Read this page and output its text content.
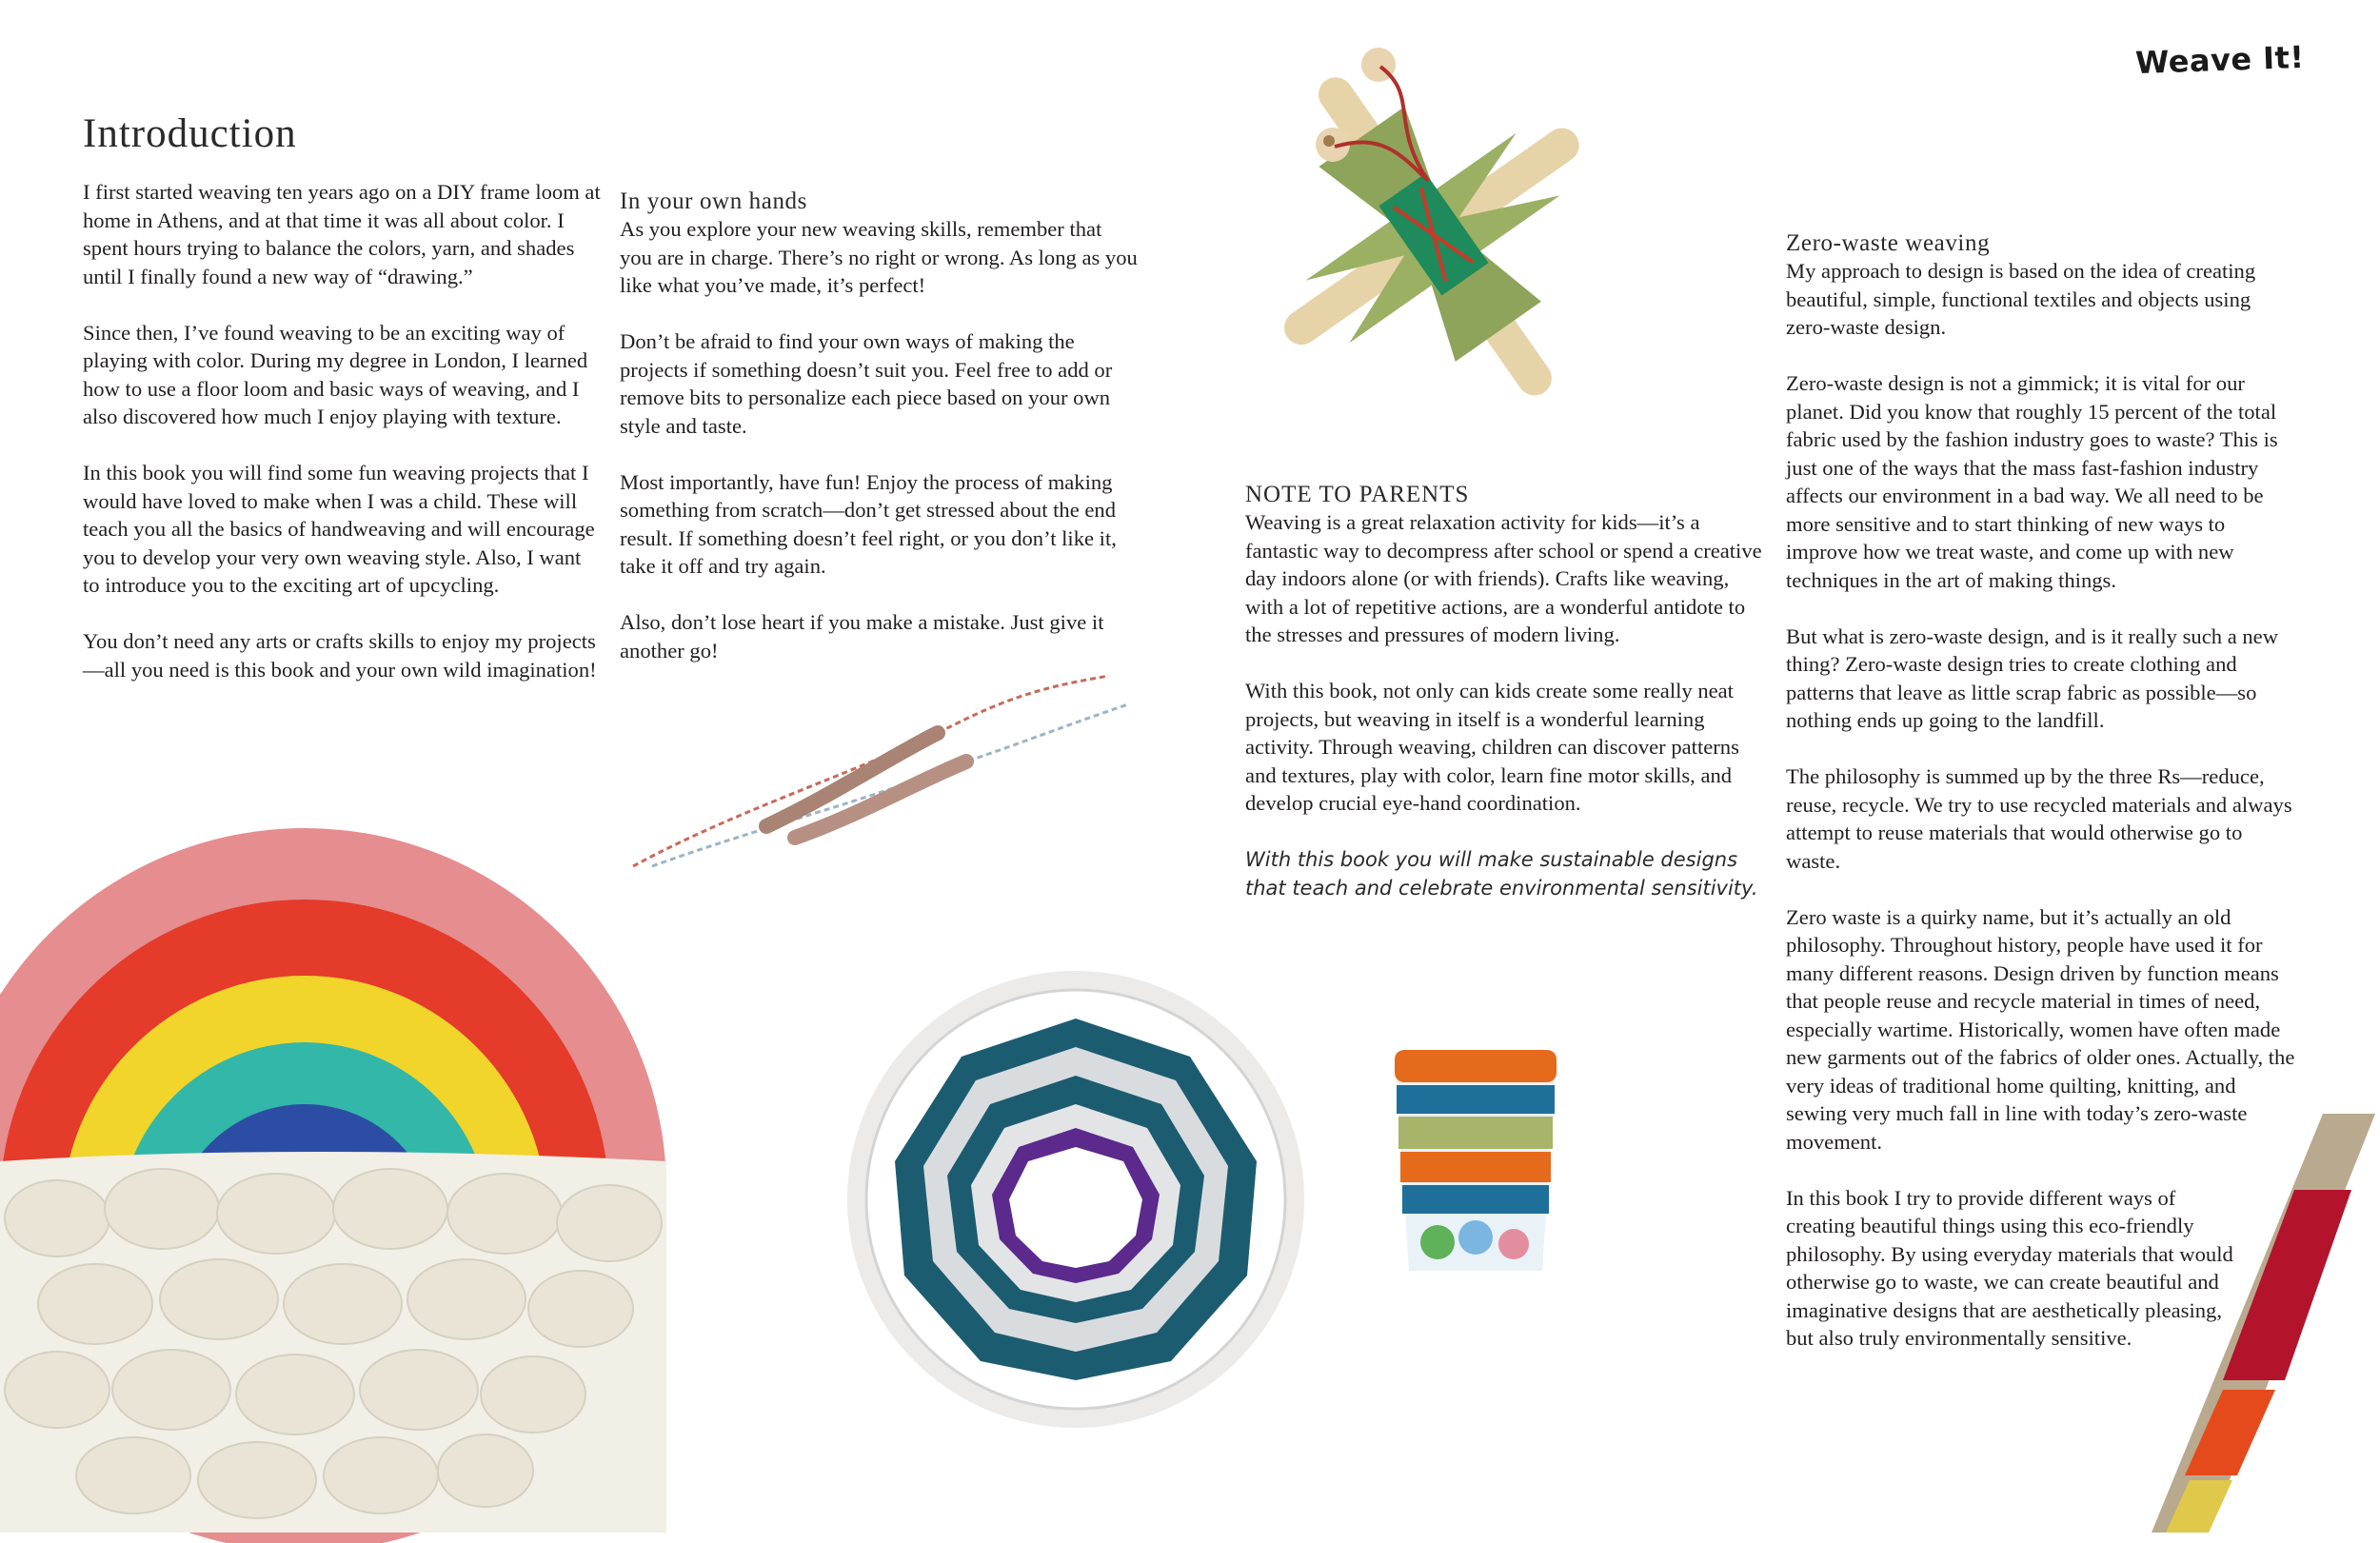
Weave It!
Introduction

I first started weaving ten years ago on a DIY frame loom at home in Athens, and at that time it was all about color. I spent hours trying to balance the colors, yarn, and shades until I finally found a new way of “drawing.”

Since then, I’ve found weaving to be an exciting way of playing with color. During my degree in London, I learned how to use a floor loom and basic ways of weaving, and I also discovered how much I enjoy playing with texture.

In this book you will find some fun weaving projects that I would have loved to make when I was a child. These will teach you all the basics of handweaving and will encourage you to develop your very own weaving style. Also, I want to introduce you to the exciting art of upcycling.

You don’t need any arts or crafts skills to enjoy my projects—all you need is this book and your own wild imagination!

In your own hands

As you explore your new weaving skills, remember that you are in charge. There’s no right or wrong. As long as you like what you’ve made, it’s perfect!

Don’t be afraid to find your own ways of making the projects if something doesn’t suit you. Feel free to add or remove bits to personalize each piece based on your own style and taste.

Most importantly, have fun! Enjoy the process of making something from scratch—don’t get stressed about the end result. If something doesn’t feel right, or you don’t like it, take it off and try again.

Also, don’t lose heart if you make a mistake. Just give it another go!

NOTE TO PARENTS

Weaving is a great relaxation activity for kids—it’s a fantastic way to decompress after school or spend a creative day indoors alone (or with friends). Crafts like weaving, with a lot of repetitive actions, are a wonderful antidote to the stresses and pressures of modern living.

With this book, not only can kids create some really neat projects, but weaving in itself is a wonderful learning activity. Through weaving, children can discover patterns and textures, play with color, learn fine motor skills, and develop crucial eye-hand coordination.

With this book you will make sustainable designs that teach and celebrate environmental sensitivity.
Zero-waste weaving

My approach to design is based on the idea of creating beautiful, simple, functional textiles and objects using zero-waste design.

Zero-waste design is not a gimmick; it is vital for our planet. Did you know that roughly 15 percent of the total fabric used by the fashion industry goes to waste? This is just one of the ways that the mass fast-fashion industry affects our environment in a bad way. We all need to be more sensitive and to start thinking of new ways to improve how we treat waste, and come up with new techniques in the art of making things.

But what is zero-waste design, and is it really such a new thing? Zero-waste design tries to create clothing and patterns that leave as little scrap fabric as possible—so nothing ends up going to the landfill.

The philosophy is summed up by the three Rs—reduce, reuse, recycle. We try to use recycled materials and always attempt to reuse materials that would otherwise go to waste.

Zero waste is a quirky name, but it’s actually an old philosophy. Throughout history, people have used it for many different reasons. Design driven by function means that people reuse and recycle material in times of need, especially wartime. Historically, women have often made new garments out of the fabrics of older ones. Actually, the very ideas of traditional home quilting, knitting, and sewing very much fall in line with today’s zero-waste movement.

In this book I try to provide different ways of creating beautiful things using this eco-friendly philosophy. By using everyday materials that would otherwise go to waste, we can create beautiful and imaginative designs that are aesthetically pleasing, but also truly environmentally sensitive.
